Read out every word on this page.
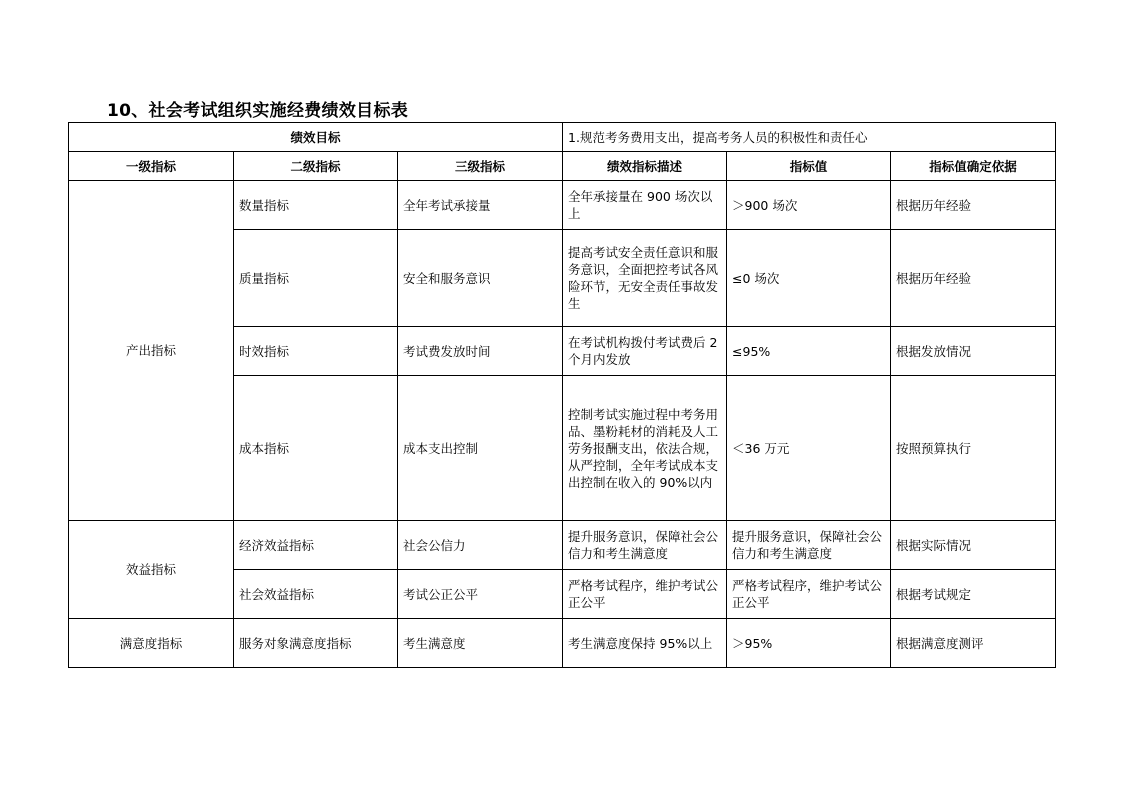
10、社会考试组织实施经费绩效目标表
绩效目标			1.规范考务费用支出，提高考务人员的积极性和责任心		
一级指标	二级指标	三级指标	绩效指标描述	指标值	指标值确定依据
产出指标	数量指标	全年考试承接量	全年承接量在 900 场次以上	＞900 场次	根据历年经验
	质量指标	安全和服务意识	提高考试安全责任意识和服务意识，全面把控考试各风险环节，无安全责任事故发生	≤0 场次	根据历年经验
	时效指标	考试费发放时间	在考试机构拨付考试费后 2 个月内发放	≤95%	根据发放情况
	成本指标	成本支出控制	控制考试实施过程中考务用品、墨粉耗材的消耗及人工劳务报酬支出，依法合规，从严控制，全年考试成本支出控制在收入的 90%以内	＜36 万元	按照预算执行
效益指标	经济效益指标	社会公信力	提升服务意识，保障社会公信力和考生满意度	提升服务意识，保障社会公信力和考生满意度	根据实际情况
	社会效益指标	考试公正公平	严格考试程序，维护考试公正公平	严格考试程序，维护考试公正公平	根据考试规定
满意度指标	服务对象满意度指标	考生满意度	考生满意度保持 95%以上	＞95%	根据满意度测评
